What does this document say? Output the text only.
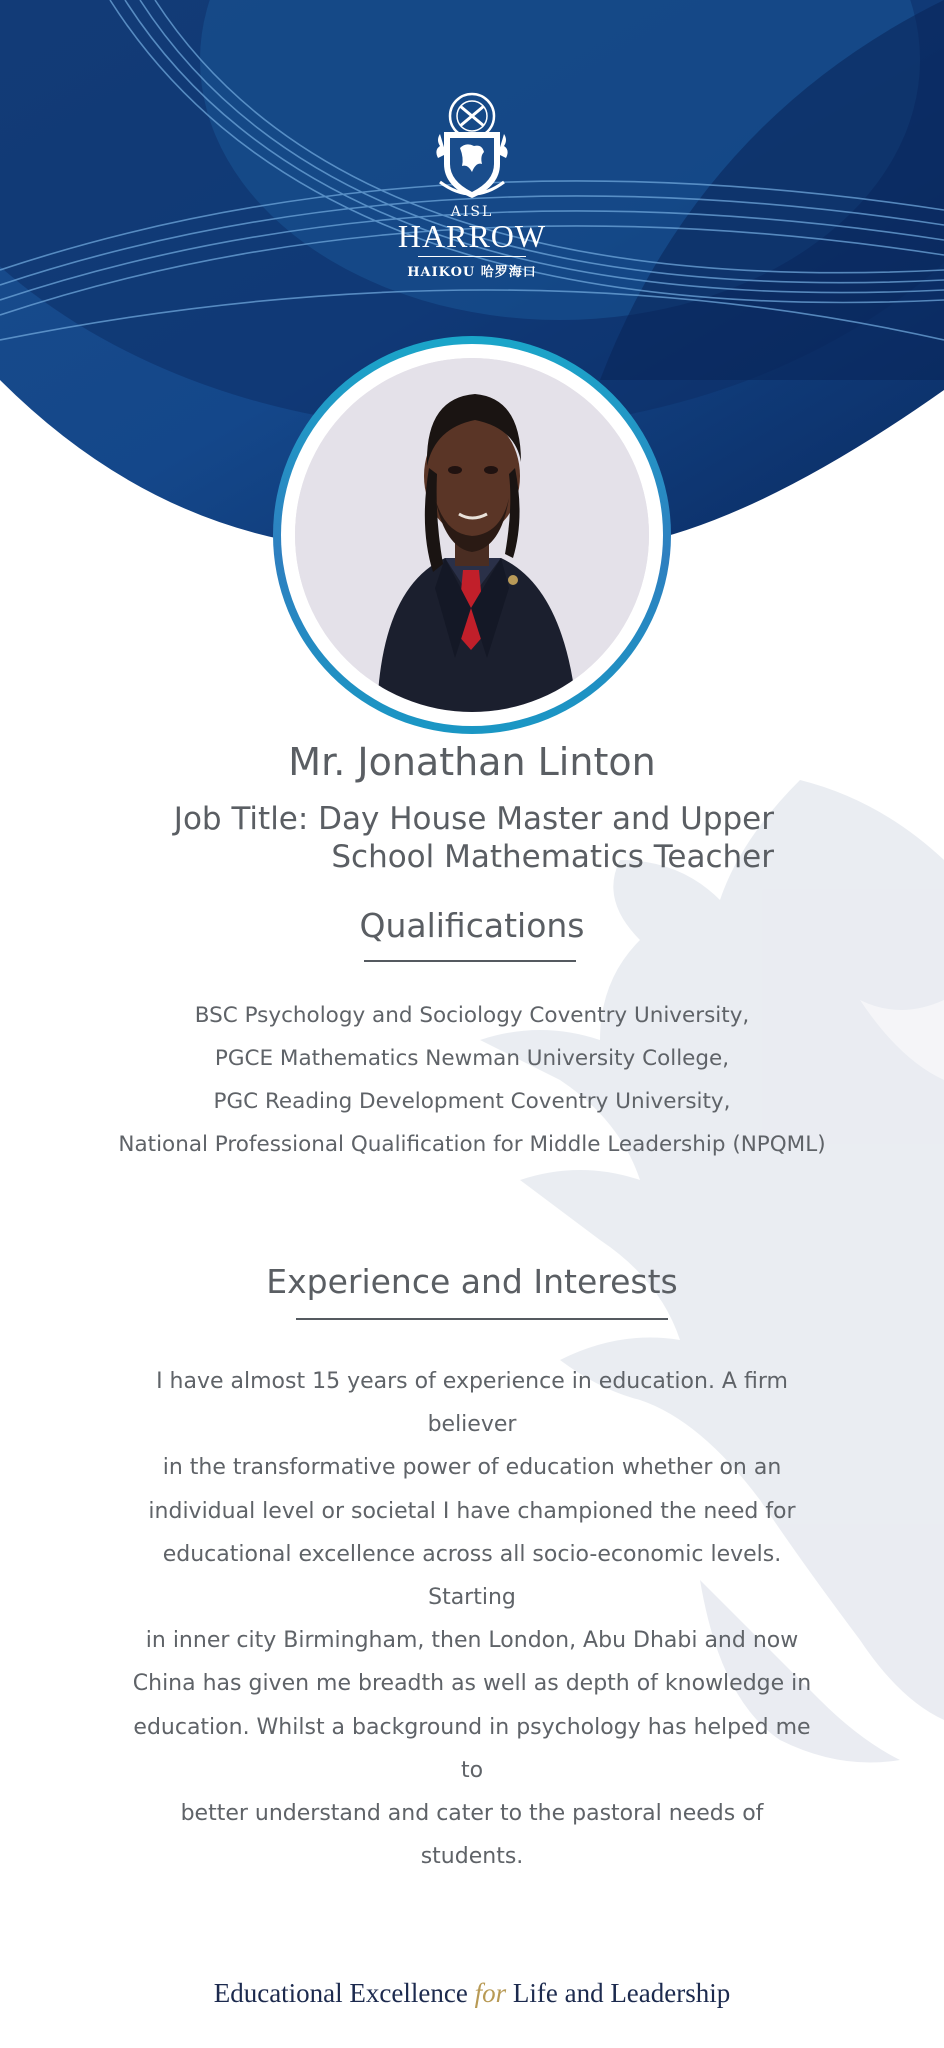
AISL
HARROW
HAIKOU 哈罗海口
Mr. Jonathan Linton
Job Title: Day House Master and Upper
School Mathematics Teacher
Qualifications
BSC Psychology and Sociology Coventry University,
PGCE Mathematics Newman University College,
PGC Reading Development Coventry University,
National Professional Qualification for Middle Leadership (NPQML)
Experience and Interests
I have almost 15 years of experience in education. A firm believer
in the transformative power of education whether on an
individual level or societal I have championed the need for
educational excellence across all socio-economic levels. Starting
in inner city Birmingham, then London, Abu Dhabi and now
China has given me breadth as well as depth of knowledge in
education. Whilst a background in psychology has helped me to
better understand and cater to the pastoral needs of students.
Educational Excellence for Life and Leadership
